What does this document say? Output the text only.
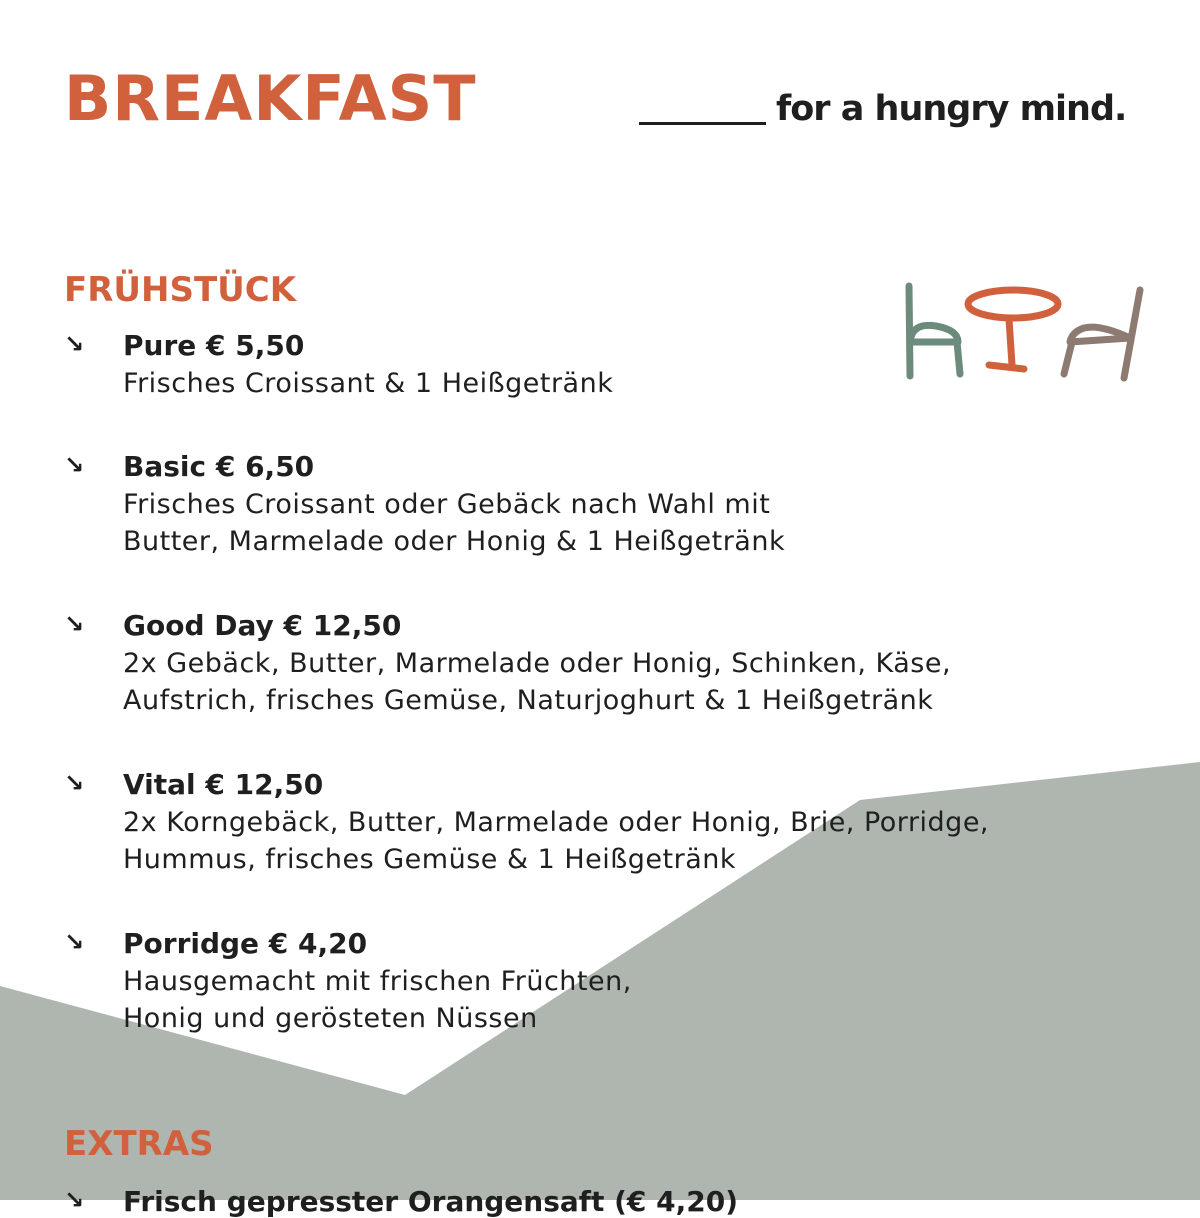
BREAKFAST	for a hungry mind.
FRÜHSTÜCK
↘ Pure € 5,50
Frisches Croissant & 1 Heißgetränk
↘ Basic € 6,50
Frisches Croissant oder Gebäck nach Wahl mit
Butter, Marmelade oder Honig & 1 Heißgetränk
↘ Good Day € 12,50
2x Gebäck, Butter, Marmelade oder Honig, Schinken, Käse,
Aufstrich, frisches Gemüse, Naturjoghurt & 1 Heißgetränk
↘ Vital € 12,50
2x Korngebäck, Butter, Marmelade oder Honig, Brie, Porridge,
Hummus, frisches Gemüse & 1 Heißgetränk
↘ Porridge € 4,20
Hausgemacht mit frischen Früchten,
Honig und gerösteten Nüssen
EXTRAS
↘ Frisch gepresster Orangensaft (€ 4,20)
